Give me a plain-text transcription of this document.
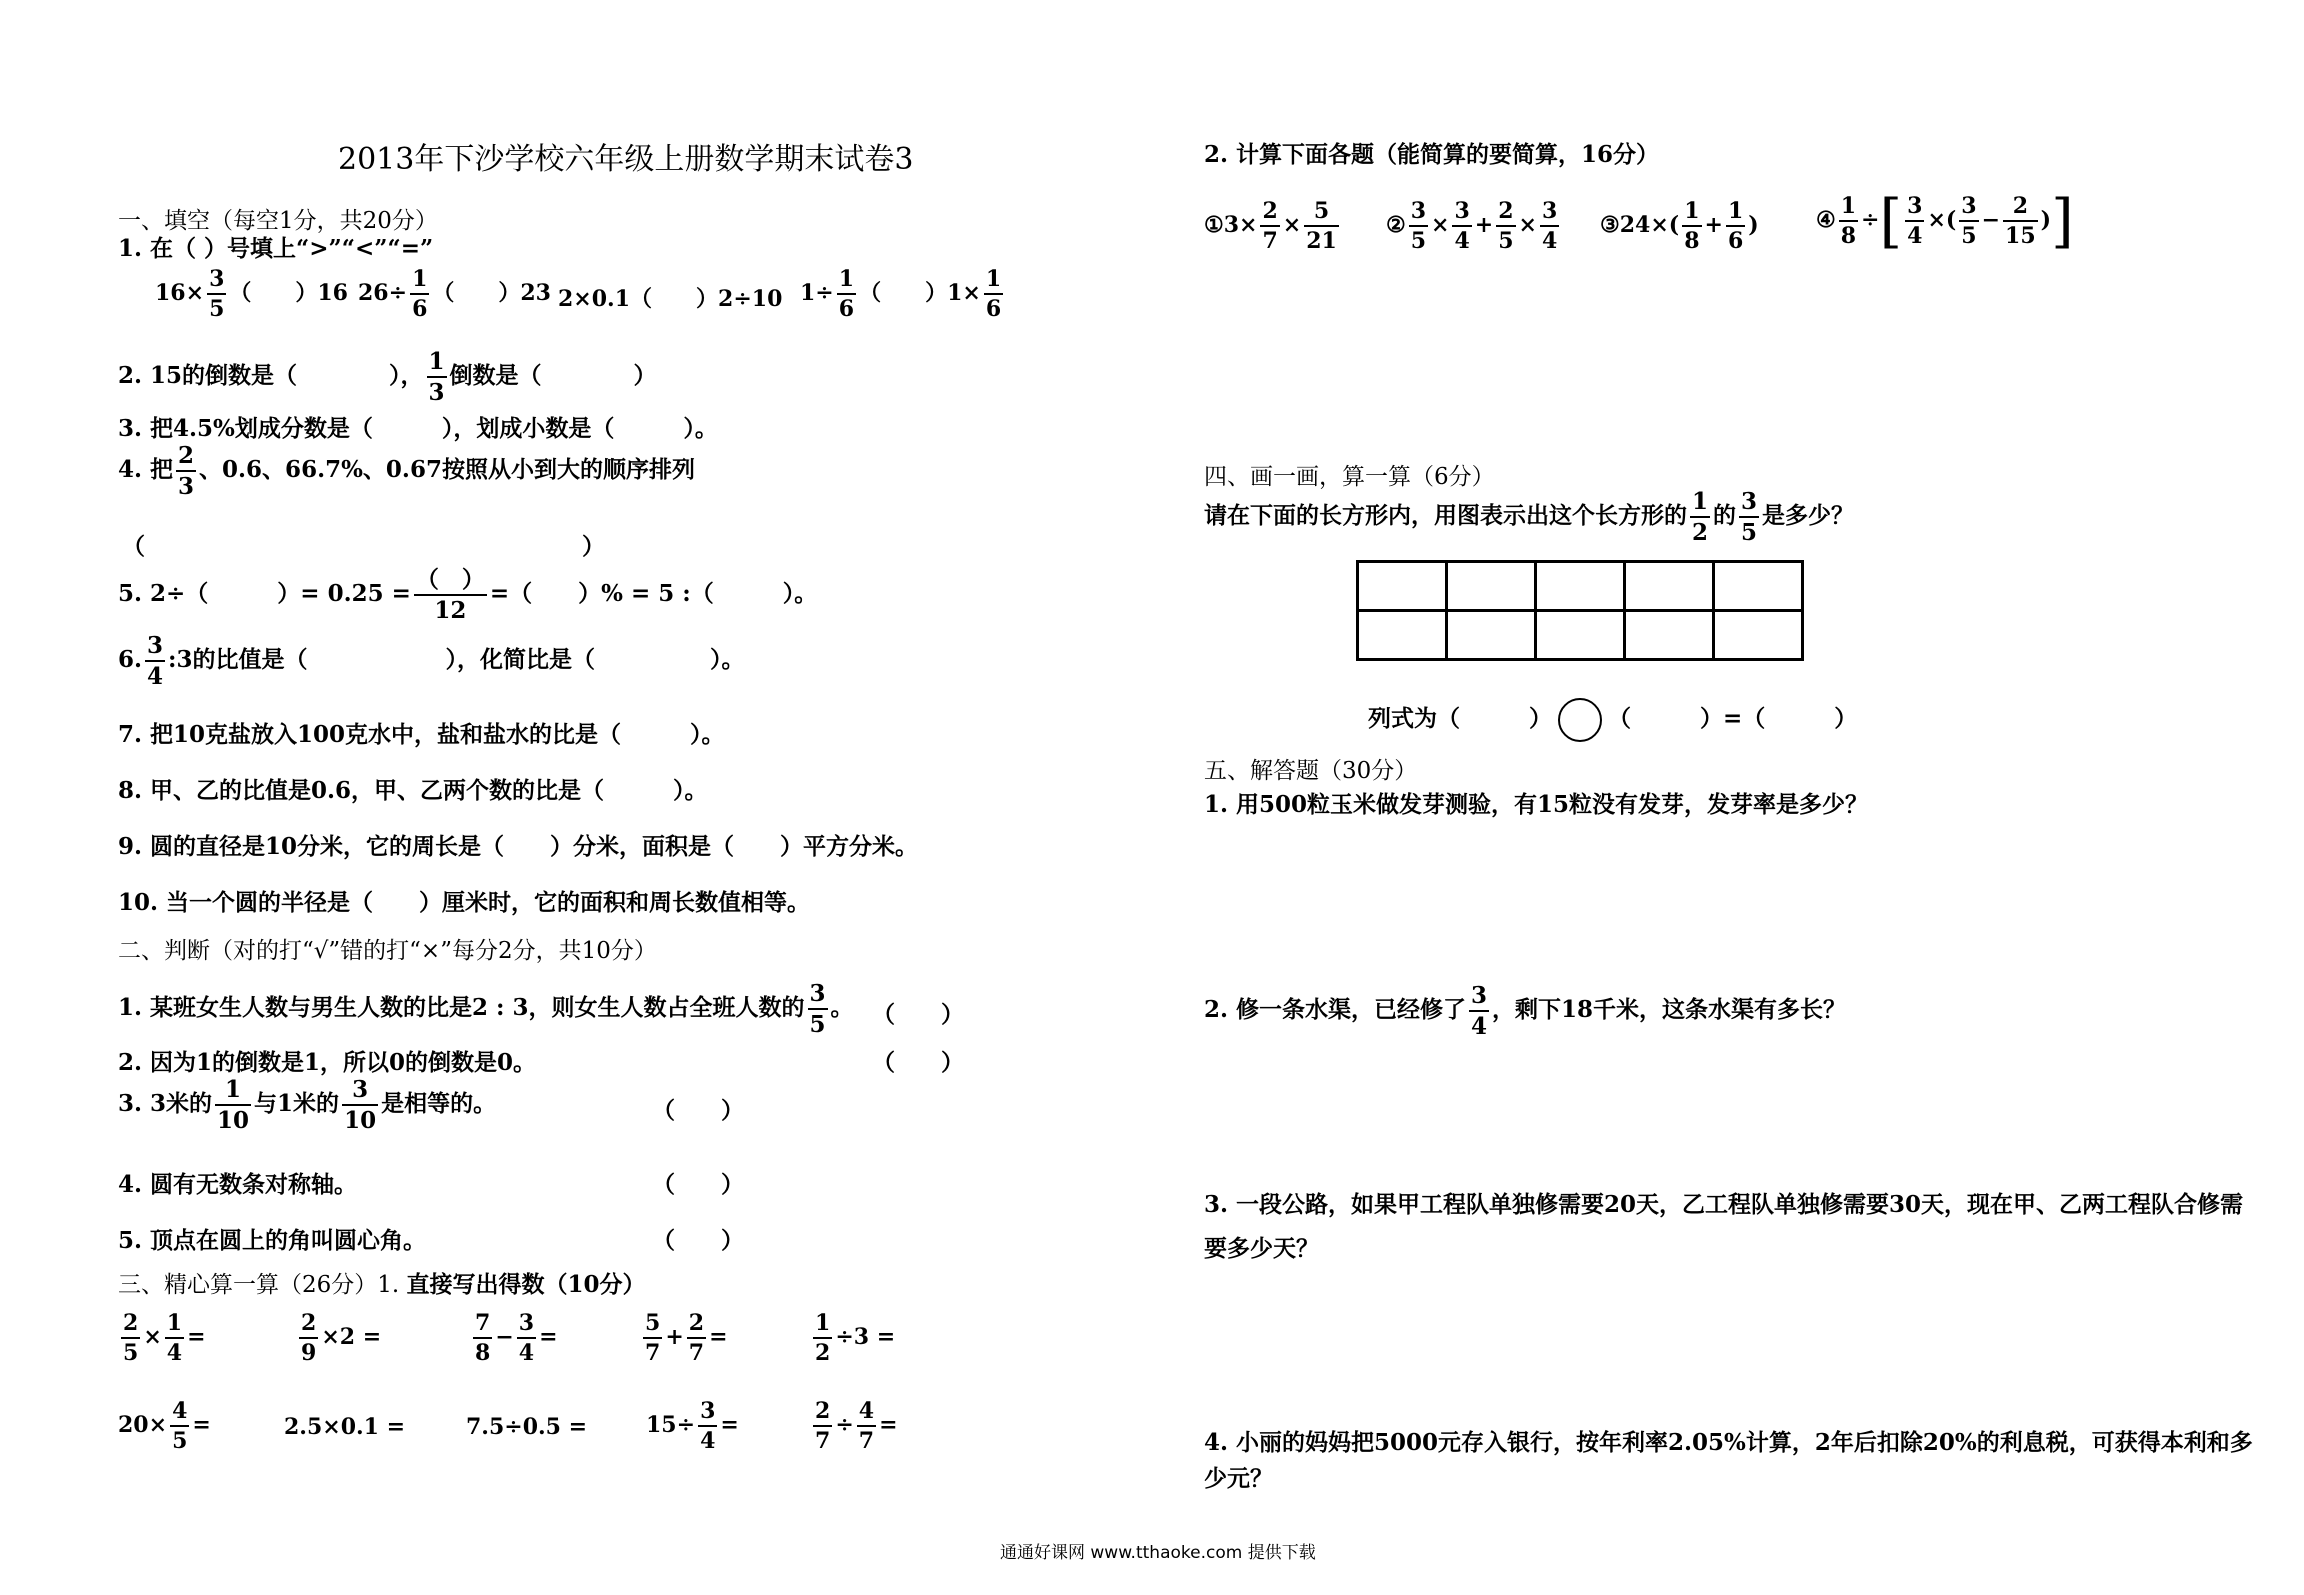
2013年下沙学校六年级上册数学期末试卷3
一、填空（每空1分，共20分）
1. 在（ ）号填上“>”“<”“=”
$16\times \frac{3}{5}$ （　　）16 $26\div \frac{1}{6}$ （　　）23 2×0.1（　　）2÷10 $1\div \frac{1}{6}$ （　　）$1\times \frac{1}{6}$
2. 15的倒数是（　　　　）， $\frac{1}{3}$ 倒数是（　　　　）
3. 把4.5%划成分数是（　　　），划成小数是（　　　）。
4. 把 $\frac{2}{3}$ 、0.6、66.7%、0.67按照从小到大的顺序排列
（　　　　　　　　　　　　　　　　　　　）
5. 2÷（　　　）= $0.25 = \frac{( )}{12}$ =（　　）% = 5 :（　　　）。
6. $\frac{3}{4}$ :3的比值是（　　　　　　），化简比是（　　　　　）。
7. 把10克盐放入100克水中，盐和盐水的比是（　　　）。
8. 甲、乙的比值是0.6，甲、乙两个数的比是（　　　）。
9. 圆的直径是10分米，它的周长是（　　）分米，面积是（　　）平方分米。
10. 当一个圆的半径是（　　）厘米时，它的面积和周长数值相等。
二、判断（对的打“√”错的打“×”每分2分，共10分）
1. 某班女生人数与男生人数的比是2 : 3，则女生人数占全班人数的 $\frac{3}{5}$ 。 （　　）
2. 因为1的倒数是1，所以0的倒数是0。	（　　）
3. 3米的 $\frac{1}{10}$ 与1米的 $\frac{3}{10}$ 是相等的。	（　　）
4. 圆有无数条对称轴。	（　　）
5. 顶点在圆上的角叫圆心角。	（　　）
三、精心算一算（26分）1. 直接写出得数（10分）
$\frac{2}{5} \times \frac{1}{4}$ =	$\frac{2}{9} \times 2$ =	$\frac{7}{8} - \frac{3}{4}$ =	$\frac{5}{7} + \frac{2}{7}$ =	$\frac{1}{2} \div 3$ =
$20\times \frac{4}{5}$ =	2.5×0.1 =	7.5÷0.5 =	$15\div \frac{3}{4}$ =	$\frac{2}{7} \div \frac{4}{7}$ =
2. 计算下面各题（能简算的要简算，16分）
①3× $\frac{2}{7} \times \frac{5}{21}$ ② $\frac{3}{5} \times \frac{3}{4} + \frac{2}{5} \times \frac{3}{4}$ ③24×( $\frac{1}{8} + \frac{1}{6}$ )	④ $\frac{1}{8}$ ÷[ $\frac{3}{4}$ ×( $\frac{3}{5} - \frac{2}{15}$ )]
四、画一画，算一算（6分）
请在下面的长方形内，用图表示出这个长方形的 $\frac{1}{2}$ 的 $\frac{3}{5}$ 是多少？

列式为（　　　） （　　　）=（　　　）
五、解答题（30分）
1. 用500粒玉米做发芽测验，有15粒没有发芽，发芽率是多少？
2. 修一条水渠，已经修了 $\frac{3}{4}$ ，剩下18千米，这条水渠有多长？
3. 一段公路，如果甲工程队单独修需要20天，乙工程队单独修需要30天，现在甲、乙两工程队合修需
要多少天？
4. 小丽的妈妈把5000元存入银行，按年利率2.05%计算，2年后扣除20%的利息税，可获得本利和多
少元？
通通好课网 www.tthaoke.com 提供下载
